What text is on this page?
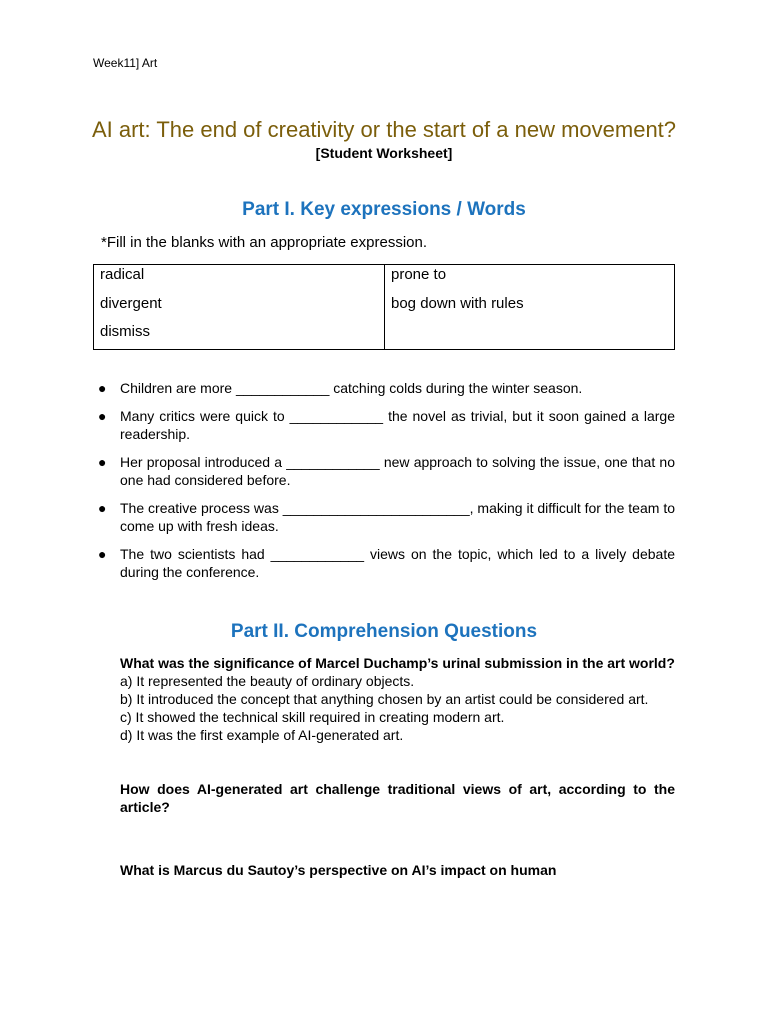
Week11] Art
AI art: The end of creativity or the start of a new movement?
[Student Worksheet]
Part I. Key expressions / Words
*Fill in the blanks with an appropriate expression.
radical
divergent
dismiss
prone to
bog down with rules
● Children are more ____________ catching colds during the winter season.
● Many critics were quick to ____________ the novel as trivial, but it soon gained a large readership.
● Her proposal introduced a ____________ new approach to solving the issue, one that no one had considered before.
● The creative process was ________________________, making it difficult for the team to come up with fresh ideas.
● The two scientists had ____________ views on the topic, which led to a lively debate during the conference.
Part II. Comprehension Questions
What was the significance of Marcel Duchamp’s urinal submission in the art world?
a) It represented the beauty of ordinary objects.
b) It introduced the concept that anything chosen by an artist could be considered art.
c) It showed the technical skill required in creating modern art.
d) It was the first example of AI-generated art.
How does AI-generated art challenge traditional views of art, according to the article?
What is Marcus du Sautoy’s perspective on AI’s impact on human
